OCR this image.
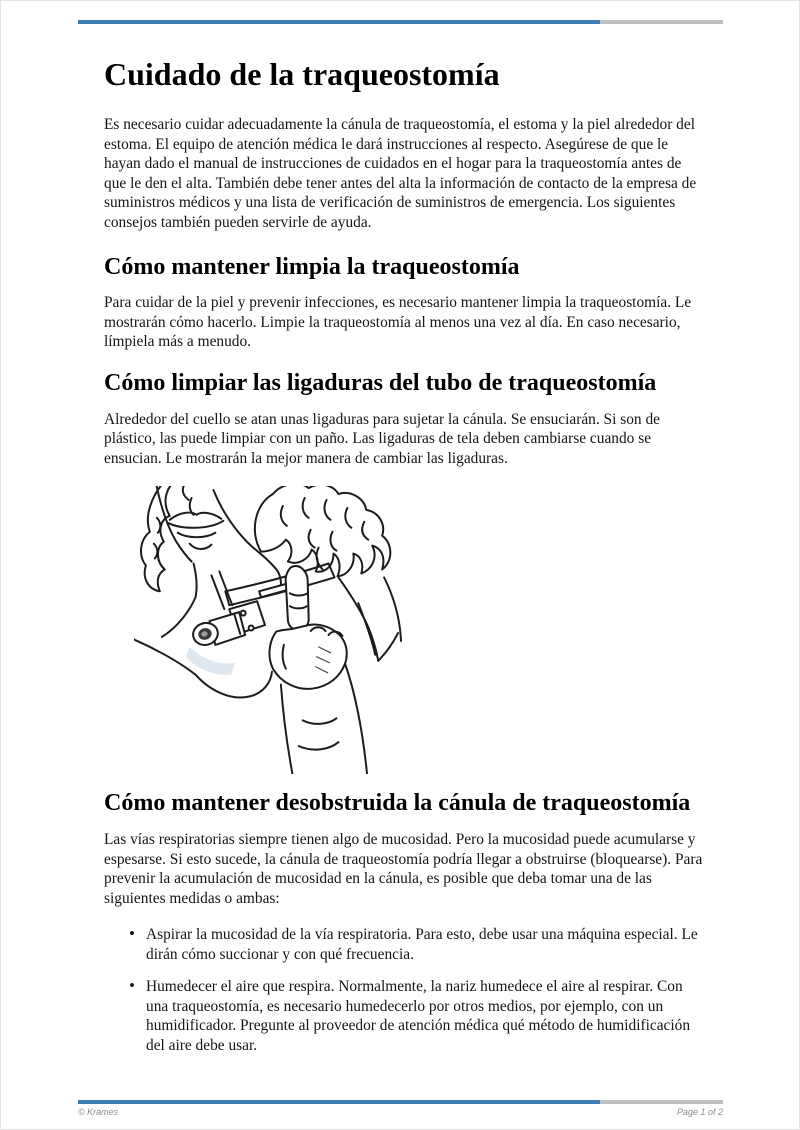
Cuidado de la traqueostomía

Es necesario cuidar adecuadamente la cánula de traqueostomía, el estoma y la piel alrededor del estoma. El equipo de atención médica le dará instrucciones al respecto. Asegúrese de que le hayan dado el manual de instrucciones de cuidados en el hogar para la traqueostomía antes de que le den el alta. También debe tener antes del alta la información de contacto de la empresa de suministros médicos y una lista de verificación de suministros de emergencia. Los siguientes consejos también pueden servirle de ayuda.

Cómo mantener limpia la traqueostomía

Para cuidar de la piel y prevenir infecciones, es necesario mantener limpia la traqueostomía. Le mostrarán cómo hacerlo. Limpie la traqueostomía al menos una vez al día. En caso necesario, límpiela más a menudo.

Cómo limpiar las ligaduras del tubo de traqueostomía

Alrededor del cuello se atan unas ligaduras para sujetar la cánula. Se ensuciarán. Si son de plástico, las puede limpiar con un paño. Las ligaduras de tela deben cambiarse cuando se ensucian. Le mostrarán la mejor manera de cambiar las ligaduras.

Cómo mantener desobstruida la cánula de traqueostomía

Las vías respiratorias siempre tienen algo de mucosidad. Pero la mucosidad puede acumularse y espesarse. Si esto sucede, la cánula de traqueostomía podría llegar a obstruirse (bloquearse). Para prevenir la acumulación de mucosidad en la cánula, es posible que deba tomar una de las siguientes medidas o ambas:

• Aspirar la mucosidad de la vía respiratoria. Para esto, debe usar una máquina especial. Le dirán cómo succionar y con qué frecuencia.
• Humedecer el aire que respira. Normalmente, la nariz humedece el aire al respirar. Con una traqueostomía, es necesario humedecerlo por otros medios, por ejemplo, con un humidificador. Pregunte al proveedor de atención médica qué método de humidificación del aire debe usar.
© Krames	Page 1 of 2
